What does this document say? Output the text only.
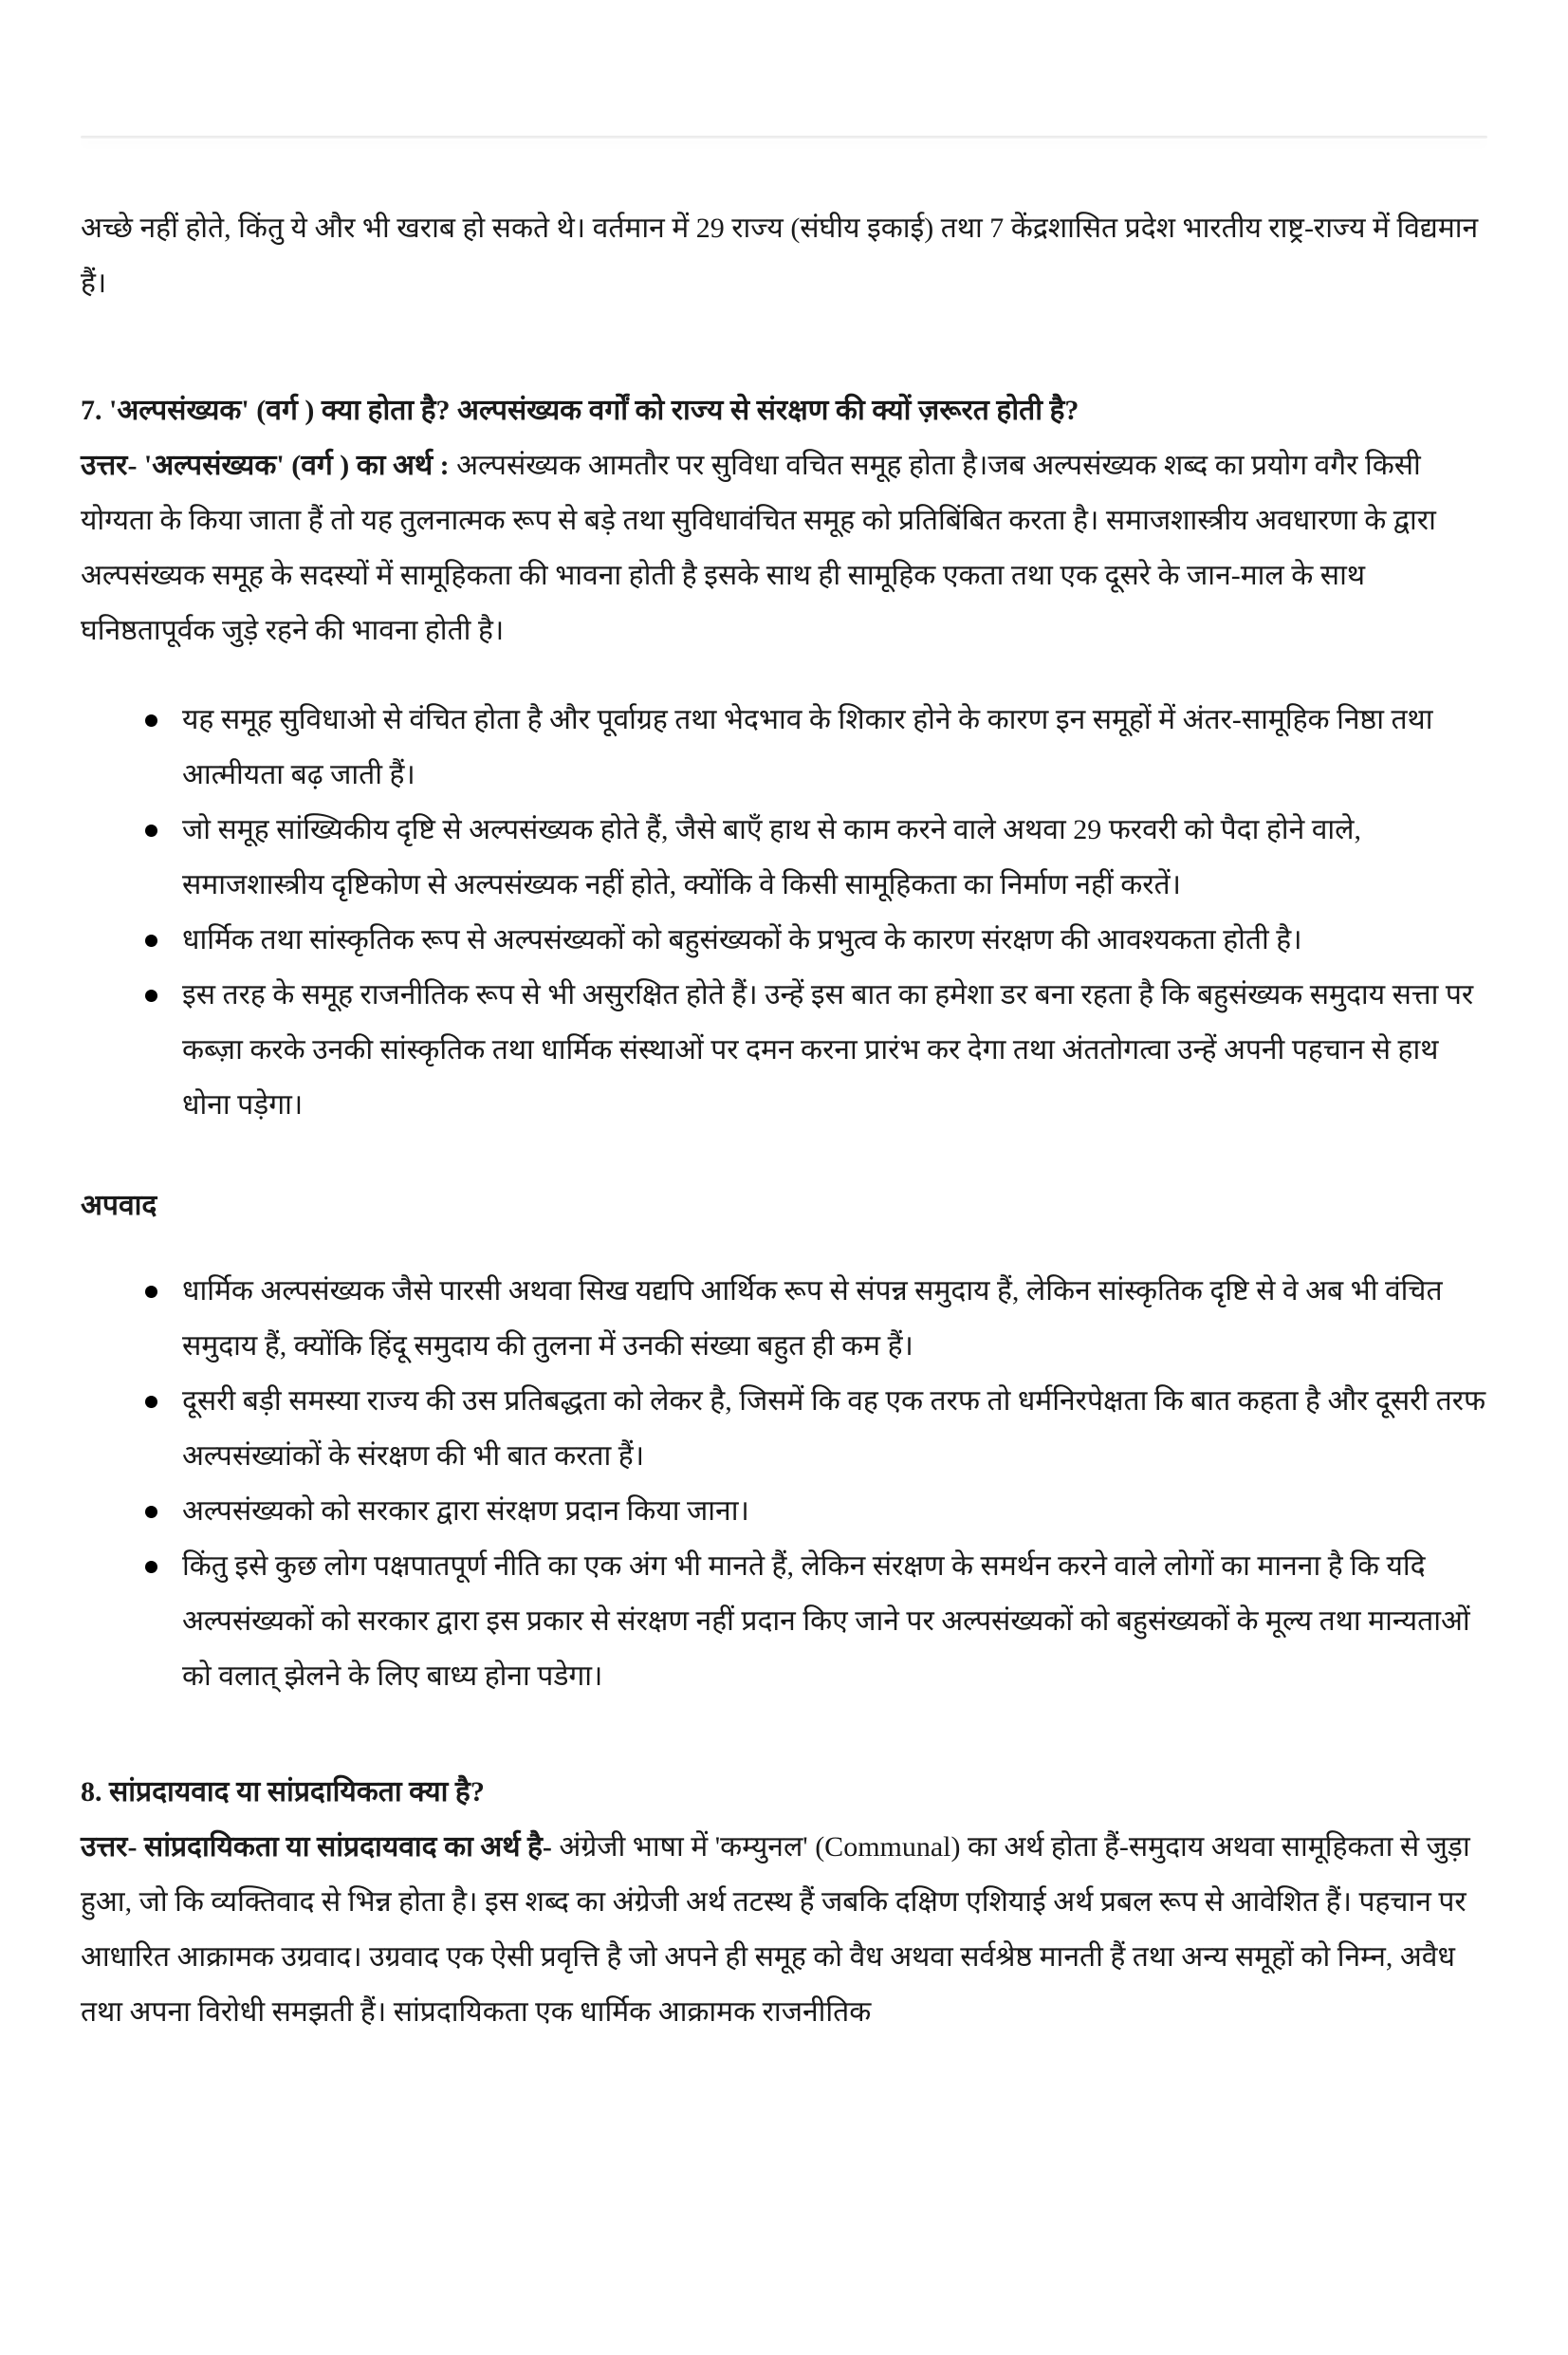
अच्छे नहीं होते, किंतु ये और भी खराब हो सकते थे। वर्तमान में 29 राज्य (संघीय इकाई) तथा 7 केंद्रशासित प्रदेश भारतीय राष्ट्र-राज्य में विद्यमान हैं।

7. 'अल्पसंख्यक' (वर्ग ) क्या होता है? अल्पसंख्यक वर्गों को राज्य से संरक्षण की क्यों ज़रूरत होती है?

उत्तर- 'अल्पसंख्यक' (वर्ग ) का अर्थ : अल्पसंख्यक आमतौर पर सुविधा वचित समूह होता है।जब अल्पसंख्यक शब्द का प्रयोग वगैर किसी योग्यता के किया जाता हैं तो यह तुलनात्मक रूप से बड़े तथा सुविधावंचित समूह को प्रतिबिंबित करता है। समाजशास्त्रीय अवधारणा के द्वारा अल्पसंख्यक समूह के सदस्यों में सामूहिकता की भावना होती है इसके साथ ही सामूहिक एकता तथा एक दूसरे के जान-माल के साथ घनिष्ठतापूर्वक जुड़े रहने की भावना होती है।

यह समूह सुविधाओ से वंचित होता है और पूर्वाग्रह तथा भेदभाव के शिकार होने के कारण इन समूहों में अंतर-सामूहिक निष्ठा तथा आत्मीयता बढ़ जाती हैं।
जो समूह सांख्यिकीय दृष्टि से अल्पसंख्यक होते हैं, जैसे बाएँ हाथ से काम करने वाले अथवा 29 फरवरी को पैदा होने वाले, समाजशास्त्रीय दृष्टिकोण से अल्पसंख्यक नहीं होते, क्योंकि वे किसी सामूहिकता का निर्माण नहीं करतें।
धार्मिक तथा सांस्कृतिक रूप से अल्पसंख्यकों को बहुसंख्यकों के प्रभुत्व के कारण संरक्षण की आवश्यकता होती है।
इस तरह के समूह राजनीतिक रूप से भी असुरक्षित होते हैं। उन्हें इस बात का हमेशा डर बना रहता है कि बहुसंख्यक समुदाय सत्ता पर कब्ज़ा करके उनकी सांस्कृतिक तथा धार्मिक संस्थाओं पर दमन करना प्रारंभ कर देगा तथा अंततोगत्वा उन्हें अपनी पहचान से हाथ धोना पड़ेगा।
अपवाद
धार्मिक अल्पसंख्यक जैसे पारसी अथवा सिख यद्यपि आर्थिक रूप से संपन्न समुदाय हैं, लेकिन सांस्कृतिक दृष्टि से वे अब भी वंचित समुदाय हैं, क्योंकि हिंदू समुदाय की तुलना में उनकी संख्या बहुत ही कम हैं।
दूसरी बड़ी समस्या राज्य की उस प्रतिबद्धता को लेकर है, जिसमें कि वह एक तरफ तो धर्मनिरपेक्षता कि बात कहता है और दूसरी तरफ अल्पसंख्यांकों के संरक्षण की भी बात करता हैं।
अल्पसंख्यको को सरकार द्वारा संरक्षण प्रदान किया जाना।
किंतु इसे कुछ लोग पक्षपातपूर्ण नीति का एक अंग भी मानते हैं, लेकिन संरक्षण के समर्थन करने वाले लोगों का मानना है कि यदि अल्पसंख्यकों को सरकार द्वारा इस प्रकार से संरक्षण नहीं प्रदान किए जाने पर अल्पसंख्यकों को बहुसंख्यकों के मूल्य तथा मान्यताओं को वलात् झेलने के लिए बाध्य होना पडेगा।
8. सांप्रदायवाद या सांप्रदायिकता क्या है?

उत्तर- सांप्रदायिकता या सांप्रदायवाद का अर्थ है- अंग्रेजी भाषा में 'कम्युनल' (Communal) का अर्थ होता हैं-समुदाय अथवा सामूहिकता से जुड़ा हुआ, जो कि व्यक्तिवाद से भिन्न होता है। इस शब्द का अंग्रेजी अर्थ तटस्थ हैं जबकि दक्षिण एशियाई अर्थ प्रबल रूप से आवेशित हैं। पहचान पर आधारित आक्रामक उग्रवाद। उग्रवाद एक ऐसी प्रवृत्ति है जो अपने ही समूह को वैध अथवा सर्वश्रेष्ठ मानती हैं तथा अन्य समूहों को निम्न, अवैध तथा अपना विरोधी समझती हैं। सांप्रदायिकता एक धार्मिक आक्रामक राजनीतिक
